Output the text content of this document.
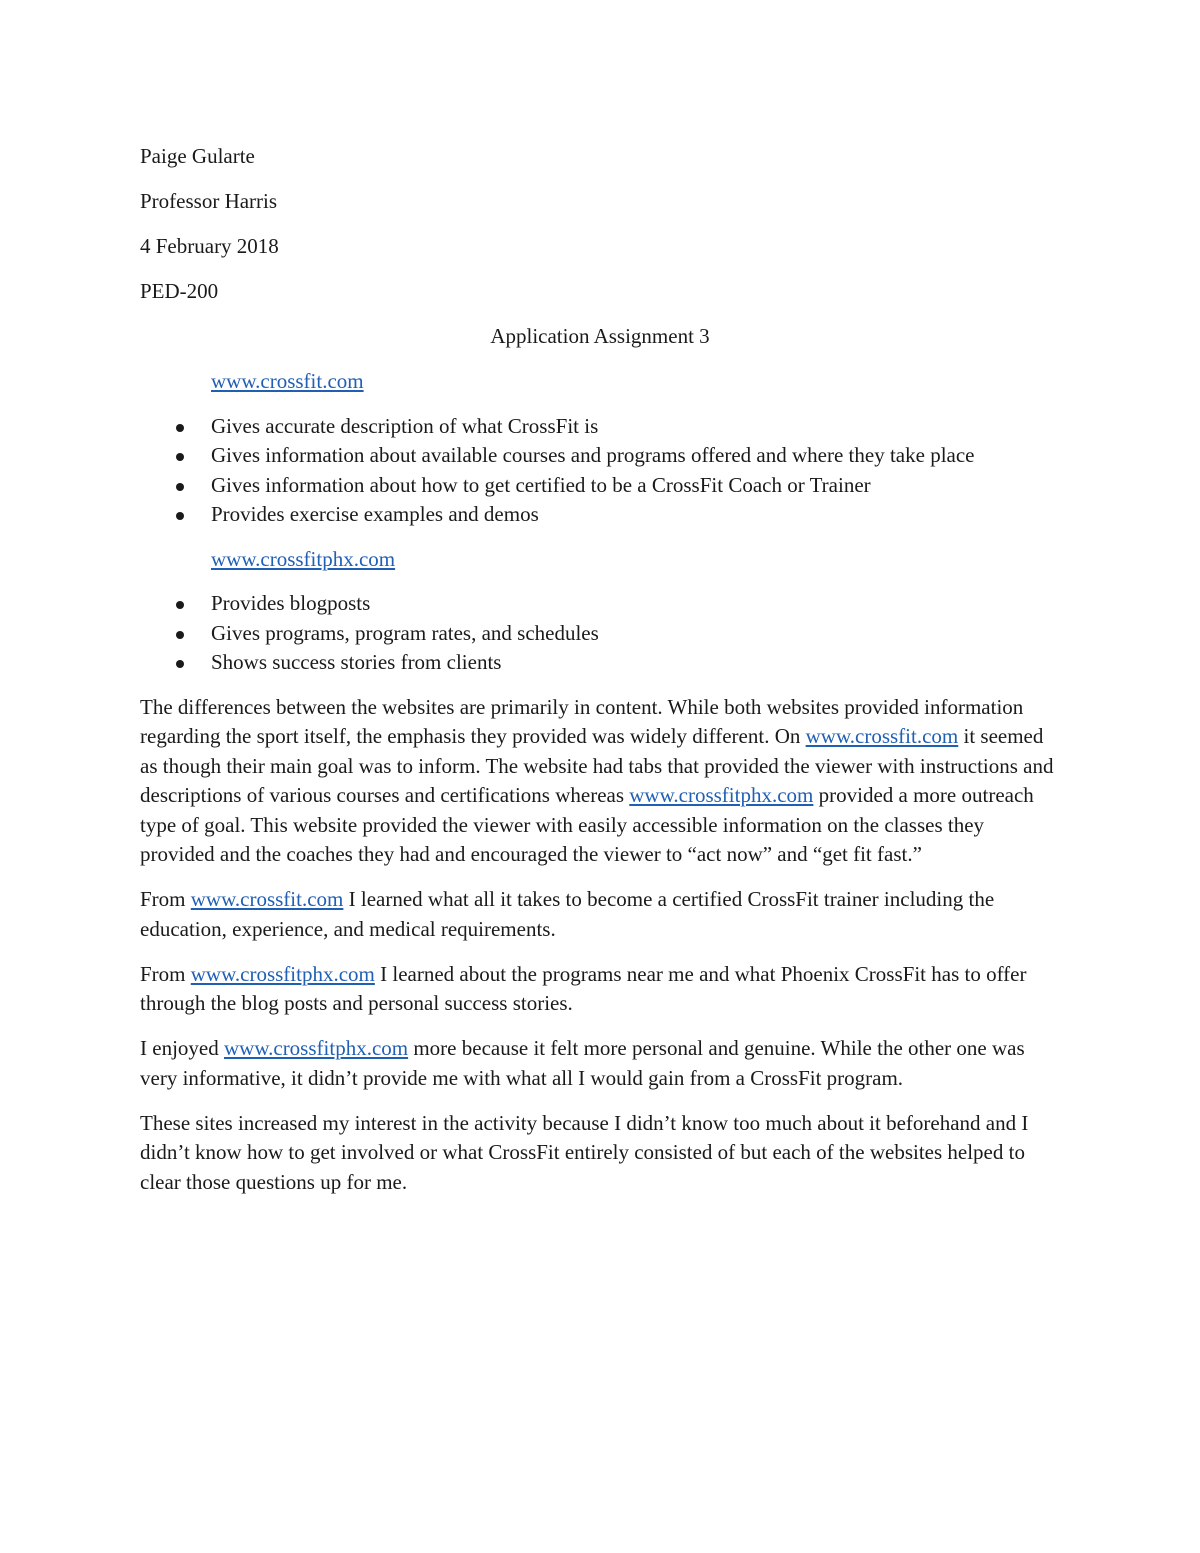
Paige Gularte
Professor Harris
4 February 2018
PED-200
Application Assignment 3
www.crossfit.com
Gives accurate description of what CrossFit is
Gives information about available courses and programs offered and where they take place
Gives information about how to get certified to be a CrossFit Coach or Trainer
Provides exercise examples and demos
www.crossfitphx.com
Provides blogposts
Gives programs, program rates, and schedules
Shows success stories from clients

The differences between the websites are primarily in content. While both websites provided information regarding the sport itself, the emphasis they provided was widely different. On www.crossfit.com it seemed as though their main goal was to inform. The website had tabs that provided the viewer with instructions and descriptions of various courses and certifications whereas www.crossfitphx.com provided a more outreach type of goal. This website provided the viewer with easily accessible information on the classes they provided and the coaches they had and encouraged the viewer to “act now” and “get fit fast.”

From www.crossfit.com I learned what all it takes to become a certified CrossFit trainer including the education, experience, and medical requirements.

From www.crossfitphx.com I learned about the programs near me and what Phoenix CrossFit has to offer through the blog posts and personal success stories.

I enjoyed www.crossfitphx.com more because it felt more personal and genuine. While the other one was very informative, it didn’t provide me with what all I would gain from a CrossFit program.

These sites increased my interest in the activity because I didn’t know too much about it beforehand and I didn’t know how to get involved or what CrossFit entirely consisted of but each of the websites helped to clear those questions up for me.
